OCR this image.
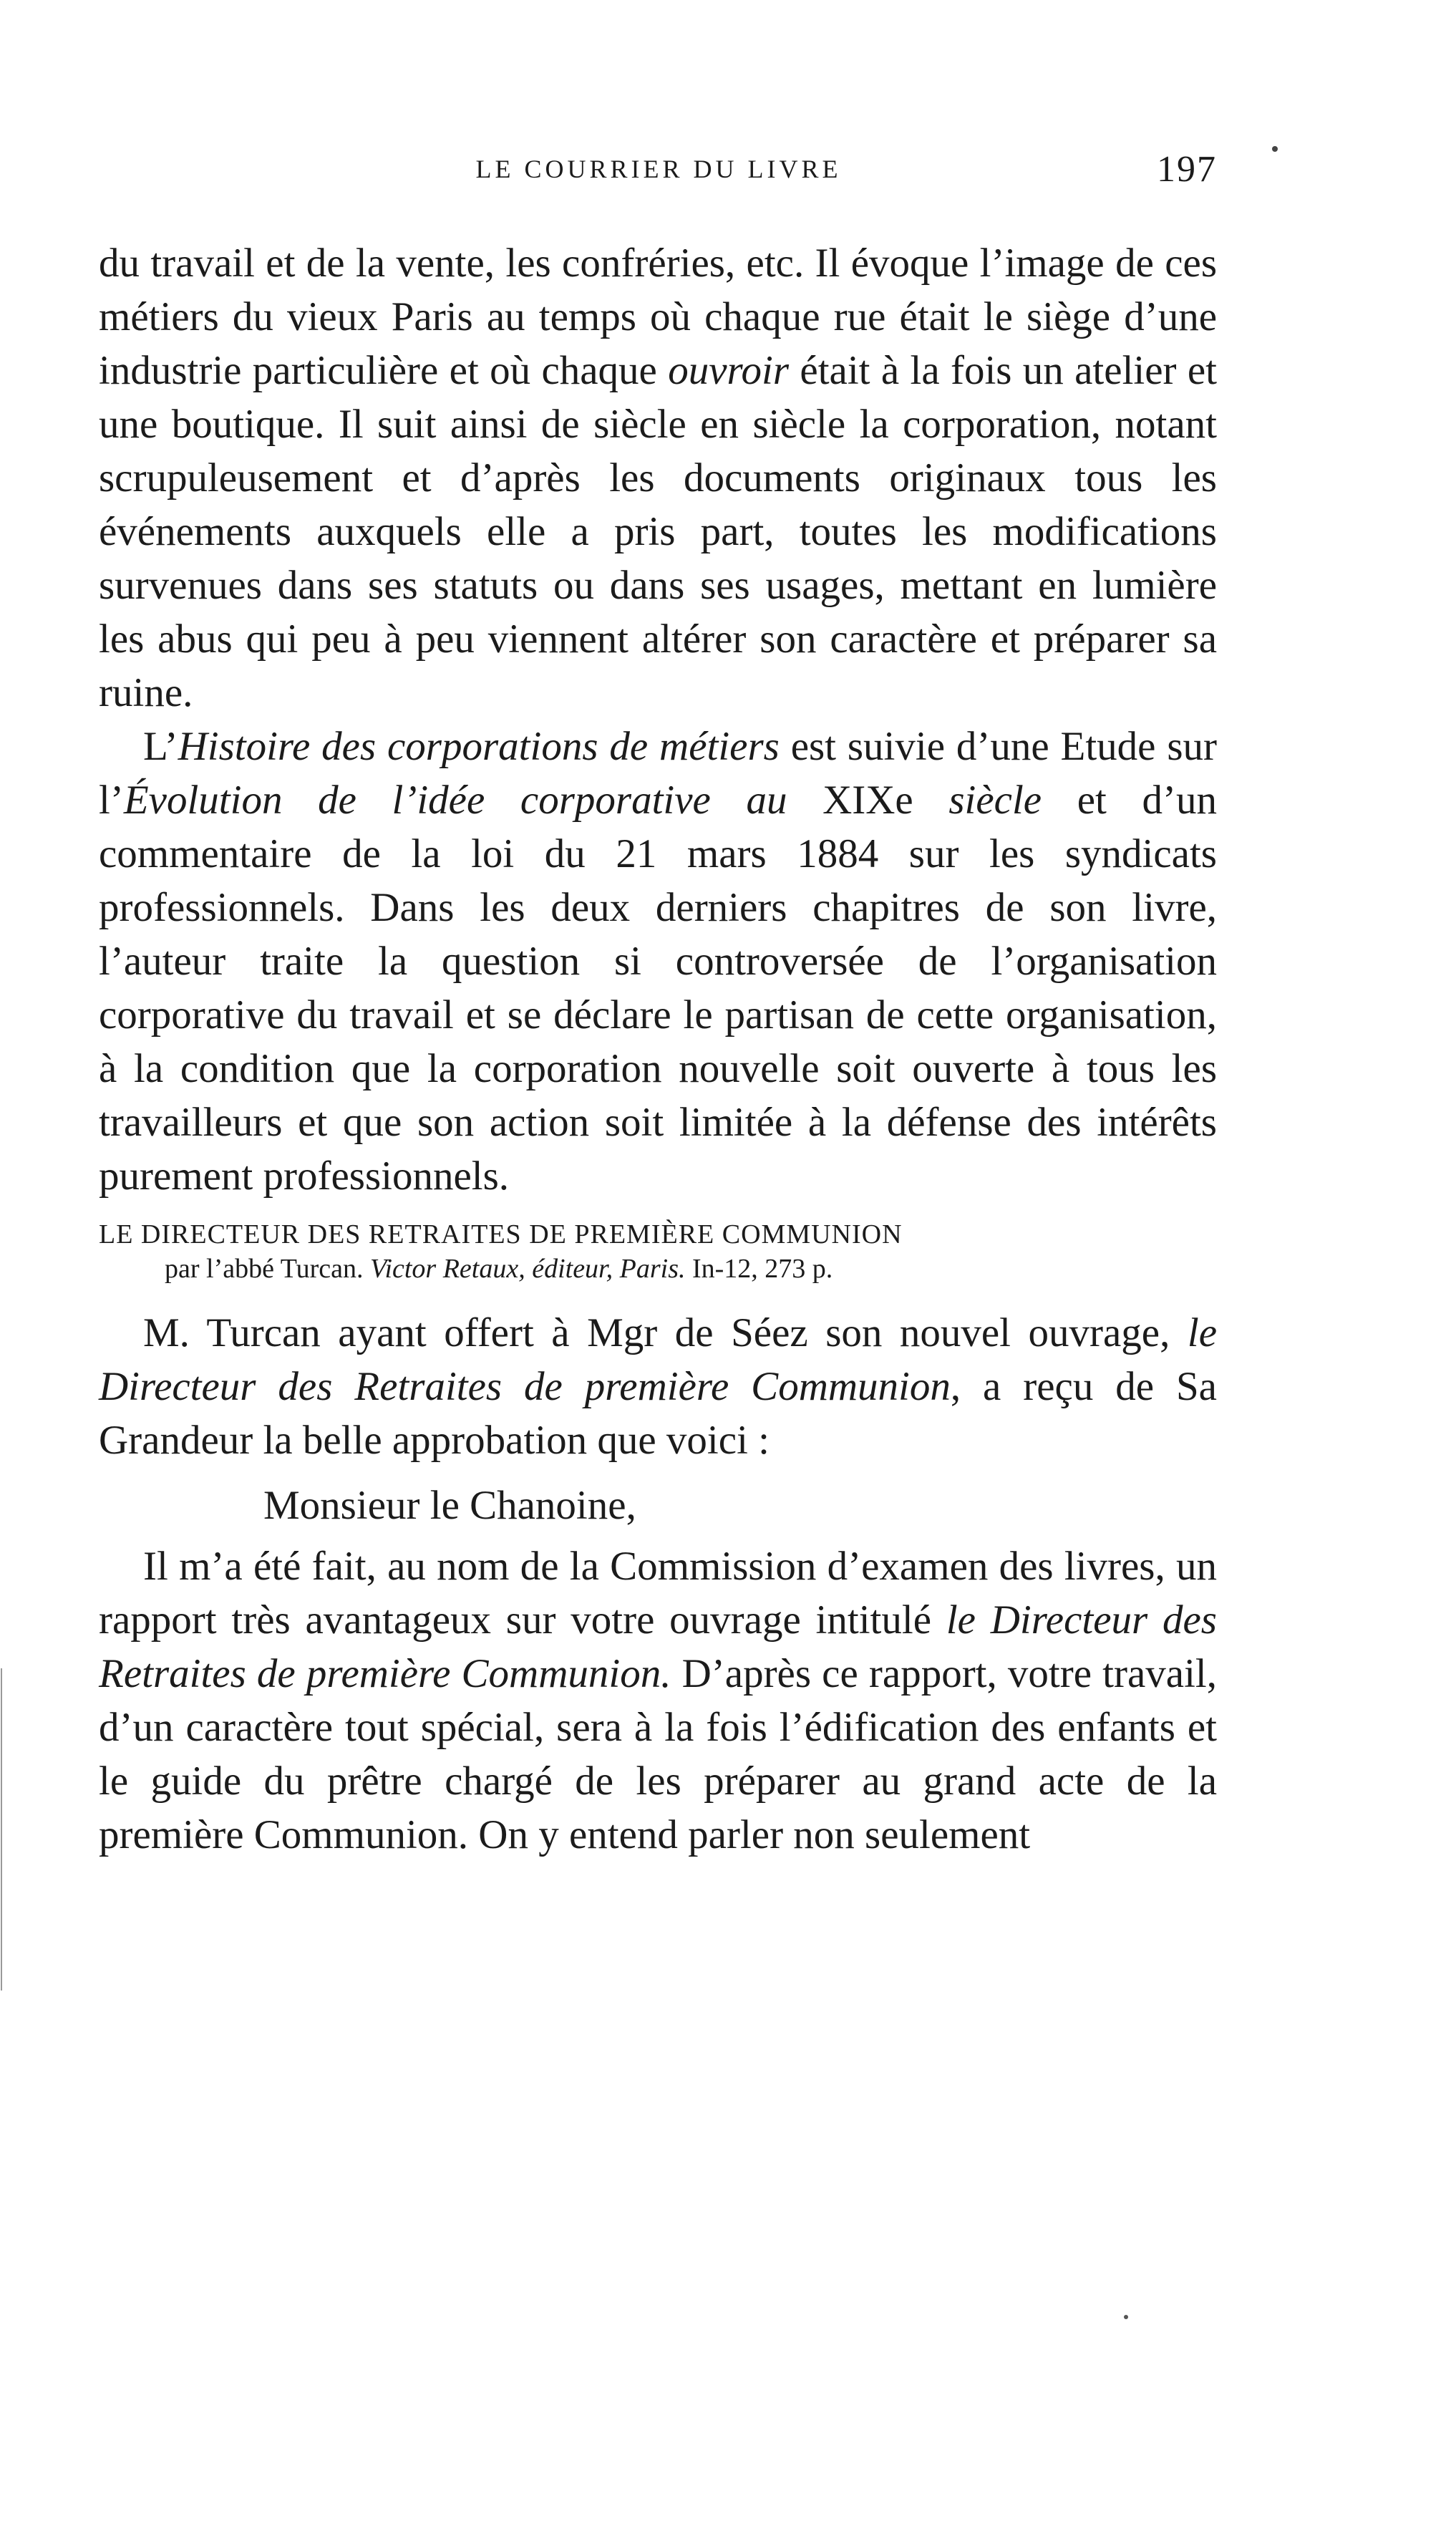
LE COURRIER DU LIVRE	197

du travail et de la vente, les confréries, etc. Il évoque l’image de ces métiers du vieux Paris au temps où chaque rue était le siège d’une industrie particulière et où chaque ouvroir était à la fois un atelier et une boutique. Il suit ainsi de siècle en siècle la corporation, notant scrupuleusement et d’après les documents originaux tous les événements auxquels elle a pris part, toutes les modifications survenues dans ses statuts ou dans ses usages, mettant en lumière les abus qui peu à peu viennent altérer son caractère et préparer sa ruine.

L’Histoire des corporations de métiers est suivie d’une Etude sur l’Évolution de l’idée corporative au XIXe siècle et d’un commentaire de la loi du 21 mars 1884 sur les syndicats professionnels. Dans les deux derniers chapitres de son livre, l’auteur traite la question si controversée de l’organisation corporative du travail et se déclare le partisan de cette organisation, à la condition que la corporation nouvelle soit ouverte à tous les travailleurs et que son action soit limitée à la défense des intérêts purement professionnels.

LE DIRECTEUR DES RETRAITES DE PREMIÈRE COMMUNION
par l’abbé Turcan. Victor Retaux, éditeur, Paris. In-12, 273 p.

M. Turcan ayant offert à Mgr de Séez son nouvel ouvrage, le Directeur des Retraites de première Communion, a reçu de Sa Grandeur la belle approbation que voici :

Monsieur le Chanoine,

Il m’a été fait, au nom de la Commission d’examen des livres, un rapport très avantageux sur votre ouvrage intitulé le Directeur des Retraites de première Communion. D’après ce rapport, votre travail, d’un caractère tout spécial, sera à la fois l’édification des enfants et le guide du prêtre chargé de les préparer au grand acte de la première Communion. On y entend parler non seulement
